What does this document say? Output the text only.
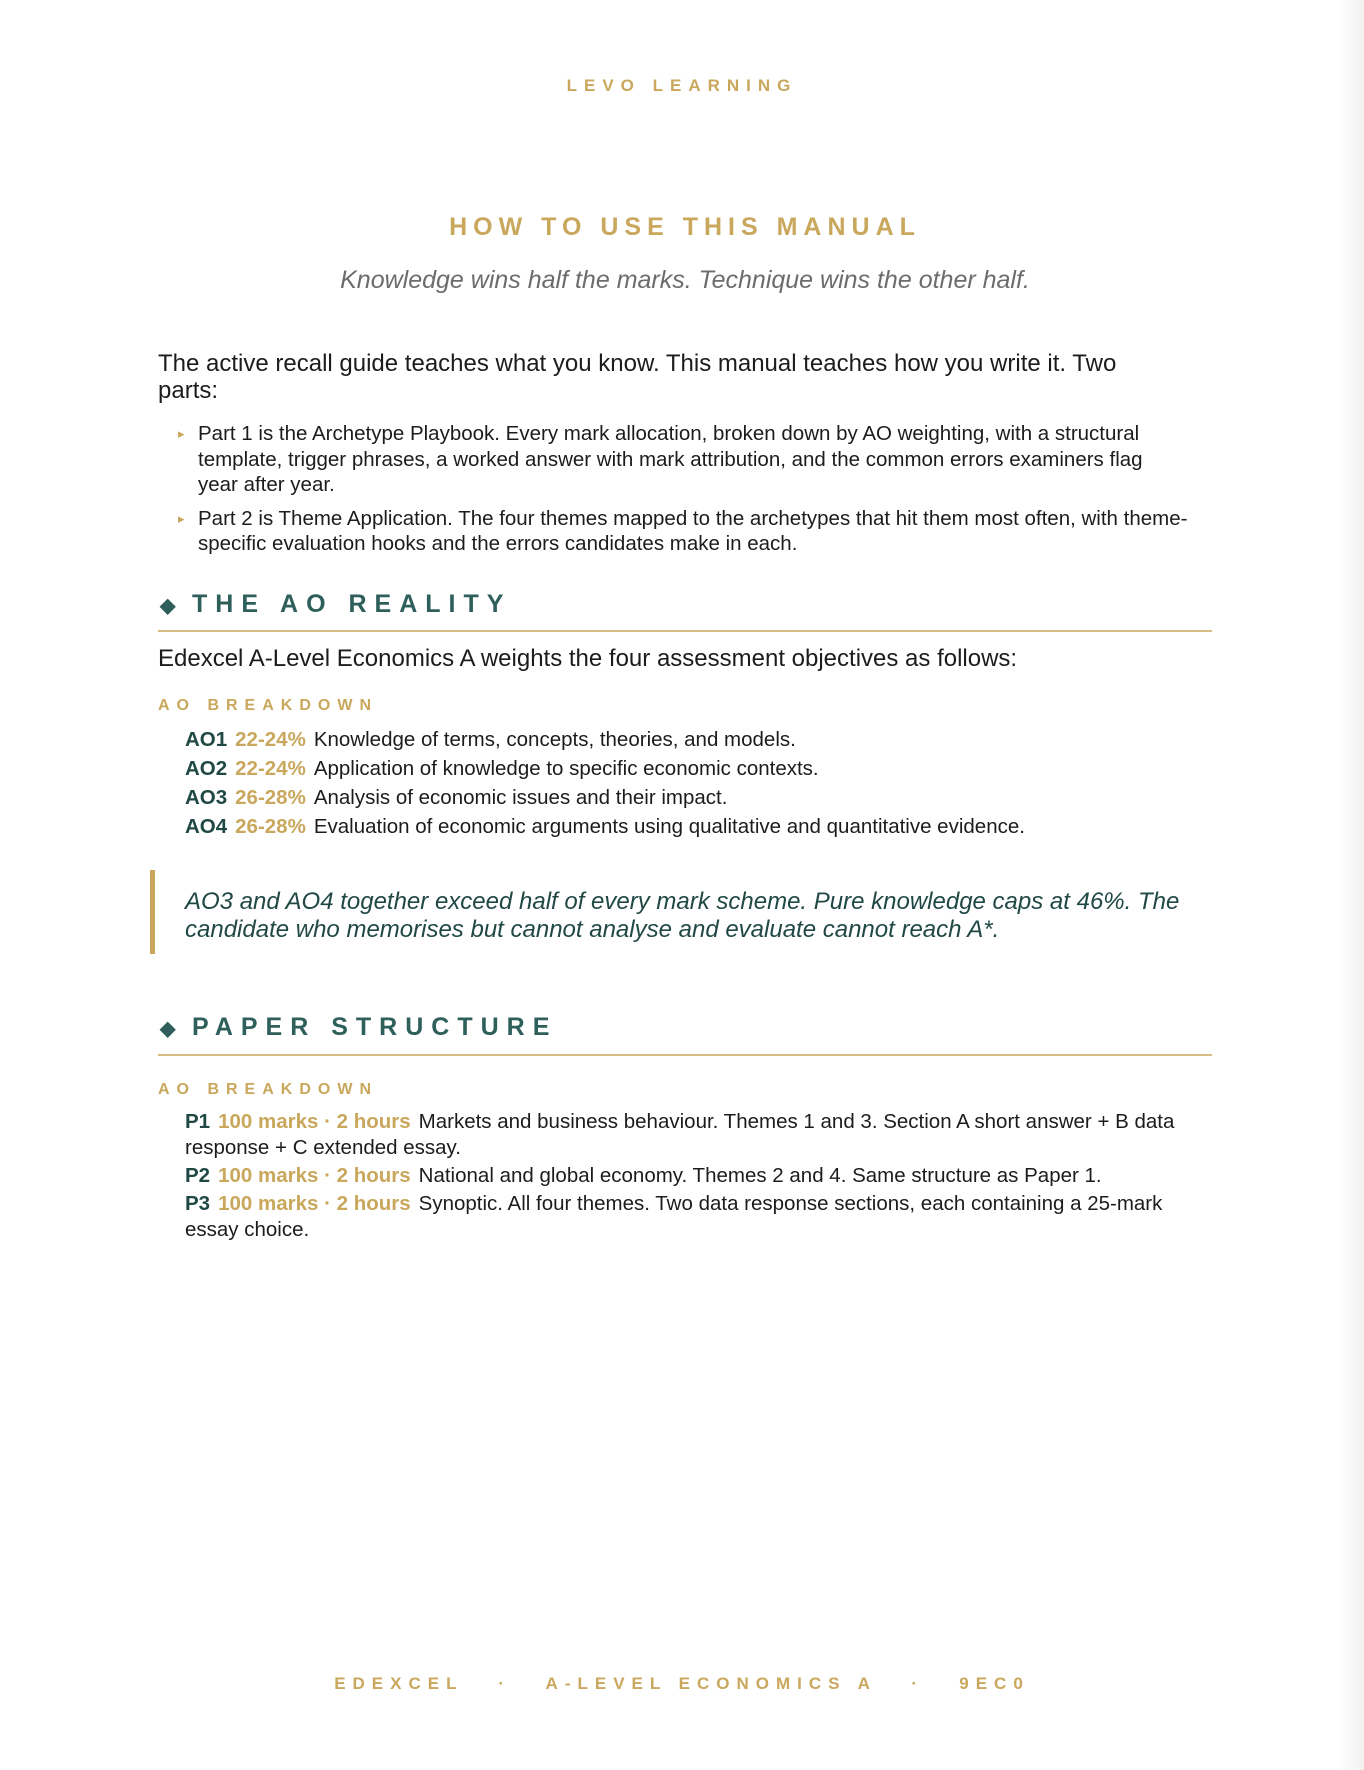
LEVO LEARNING
HOW TO USE THIS MANUAL
Knowledge wins half the marks. Technique wins the other half.
The active recall guide teaches what you know. This manual teaches how you write it. Two parts:
▸ Part 1 is the Archetype Playbook. Every mark allocation, broken down by AO weighting, with a structural template, trigger phrases, a worked answer with mark attribution, and the common errors examiners flag year after year.
▸ Part 2 is Theme Application. The four themes mapped to the archetypes that hit them most often, with theme-specific evaluation hooks and the errors candidates make in each.
◆ THE AO REALITY
Edexcel A-Level Economics A weights the four assessment objectives as follows:
AO BREAKDOWN
AO1 22-24% Knowledge of terms, concepts, theories, and models.
AO2 22-24% Application of knowledge to specific economic contexts.
AO3 26-28% Analysis of economic issues and their impact.
AO4 26-28% Evaluation of economic arguments using qualitative and quantitative evidence.
AO3 and AO4 together exceed half of every mark scheme. Pure knowledge caps at 46%. The candidate who memorises but cannot analyse and evaluate cannot reach A*.
◆ PAPER STRUCTURE
AO BREAKDOWN
P1 100 marks · 2 hours Markets and business behaviour. Themes 1 and 3. Section A short answer + B data response + C extended essay.
P2 100 marks · 2 hours National and global economy. Themes 2 and 4. Same structure as Paper 1.
P3 100 marks · 2 hours Synoptic. All four themes. Two data response sections, each containing a 25-mark essay choice.
EDEXCEL   ·   A-LEVEL ECONOMICS A   ·   9EC0
